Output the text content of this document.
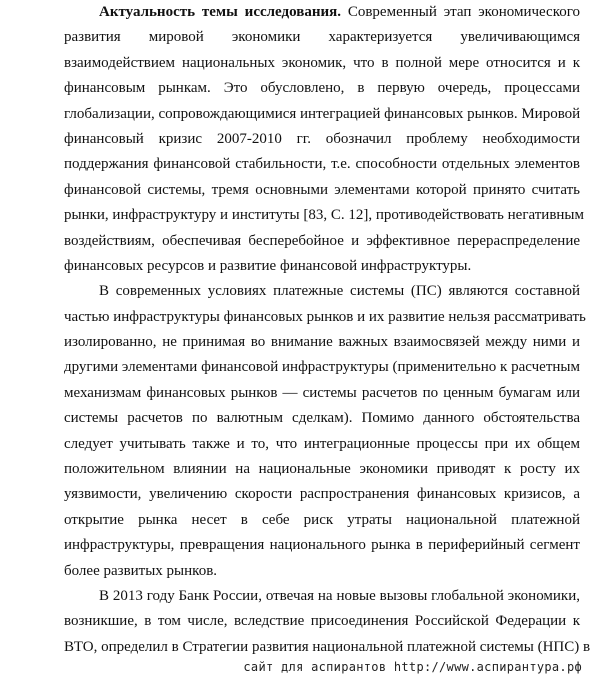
Актуальность темы исследования. Современный этап экономического
развития мировой экономики характеризуется увеличивающимся
взаимодействием национальных экономик, что в полной мере относится и к
финансовым рынкам. Это обусловлено, в первую очередь, процессами
глобализации, сопровождающимися интеграцией финансовых рынков. Мировой
финансовый кризис 2007-2010 гг. обозначил проблему необходимости
поддержания финансовой стабильности, т.е. способности отдельных элементов
финансовой системы, тремя основными элементами которой принято считать
рынки, инфраструктуру и институты [83, С. 12], противодействовать негативным
воздействиям, обеспечивая бесперебойное и эффективное перераспределение
финансовых ресурсов и развитие финансовой инфраструктуры.
В современных условиях платежные системы (ПС) являются составной
частью инфраструктуры финансовых рынков и их развитие нельзя рассматривать
изолированно, не принимая во внимание важных взаимосвязей между ними и
другими элементами финансовой инфраструктуры (применительно к расчетным
механизмам финансовых рынков — системы расчетов по ценным бумагам или
системы расчетов по валютным сделкам). Помимо данного обстоятельства
следует учитывать также и то, что интеграционные процессы при их общем
положительном влиянии на национальные экономики приводят к росту их
уязвимости, увеличению скорости распространения финансовых кризисов, а
открытие рынка несет в себе риск утраты национальной платежной
инфраструктуры, превращения национального рынка в периферийный сегмент
более развитых рынков.
В 2013 году Банк России, отвечая на новые вызовы глобальной экономики,
возникшие, в том числе, вследствие присоединения Российской Федерации к
ВТО, определил в Стратегии развития национальной платежной системы (НПС) в
сайт для аспирантов http://www.аспирантура.рф
